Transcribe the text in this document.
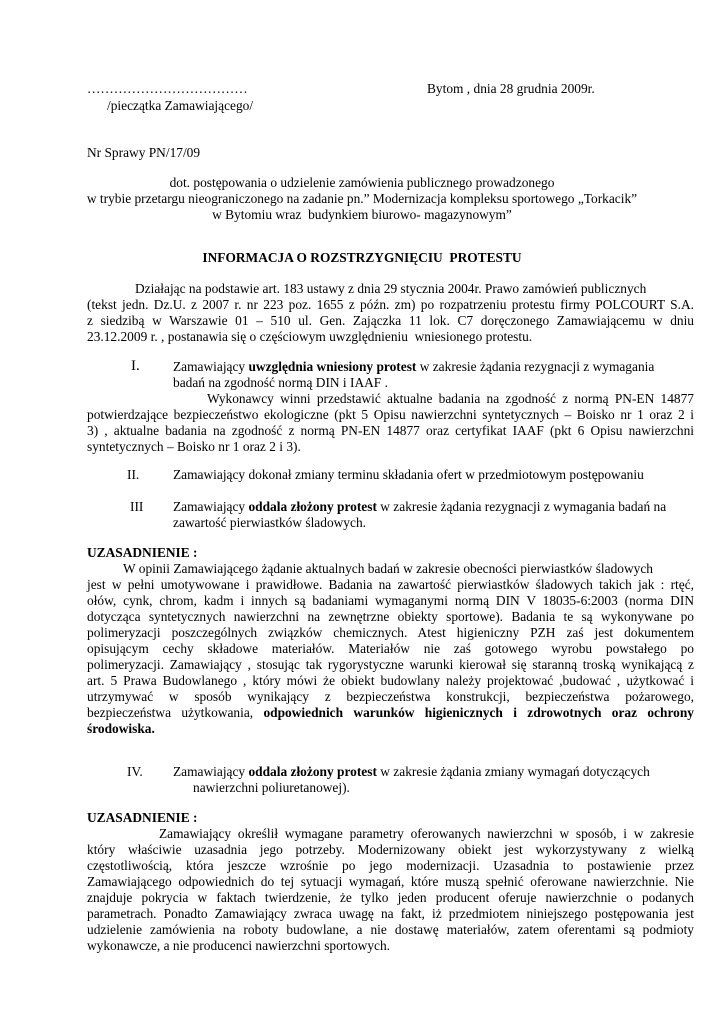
………………………………	Bytom , dnia 28 grudnia 2009r.
/pieczątka Zamawiającego/
Nr Sprawy PN/17/09
dot. postępowania o udzielenie zamówienia publicznego prowadzonego
w trybie przetargu nieograniczonego na zadanie pn.” Modernizacja kompleksu sportowego „Torkacik”
w Bytomiu wraz  budynkiem biurowo- magazynowym”
INFORMACJA O ROZSTRZYGNIĘCIU  PROTESTU
Działając na podstawie art. 183 ustawy z dnia 29 stycznia 2004r. Prawo zamówień publicznych
(tekst jedn. Dz.U. z 2007 r. nr 223 poz. 1655 z późn. zm) po rozpatrzeniu protestu firmy POLCOURT S.A.
z siedzibą w Warszawie 01 – 510 ul. Gen. Zajączka 11 lok. C7 doręczonego Zamawiającemu w dniu
23.12.2009 r. , postanawia się o częściowym uwzględnieniu  wniesionego protestu.
I. Zamawiający uwzględnia wniesiony protest w zakresie żądania rezygnacji z wymagania
badań na zgodność normą DIN i IAAF .
Wykonawcy winni przedstawić aktualne badania na zgodność z normą PN-EN 14877
potwierdzające bezpieczeństwo ekologiczne (pkt 5 Opisu nawierzchni syntetycznych – Boisko nr 1 oraz 2 i
3) , aktualne badania na zgodność z normą PN-EN 14877 oraz certyfikat IAAF (pkt 6 Opisu nawierzchni
syntetycznych – Boisko nr 1 oraz 2 i 3).
II.	Zamawiający dokonał zmiany terminu składania ofert w przedmiotowym postępowaniu
III Zamawiający oddala złożony protest w zakresie żądania rezygnacji z wymagania badań na
zawartość pierwiastków śladowych.
UZASADNIENIE :
W opinii Zamawiającego żądanie aktualnych badań w zakresie obecności pierwiastków śladowych
jest w pełni umotywowane i prawidłowe. Badania na zawartość pierwiastków śladowych takich jak : rtęć,
ołów, cynk, chrom, kadm i innych są badaniami wymaganymi normą DIN V 18035-6:2003 (norma DIN
dotycząca syntetycznych nawierzchni na zewnętrzne obiekty sportowe). Badania te są wykonywane po
polimeryzacji poszczególnych związków chemicznych. Atest higieniczny PZH zaś jest dokumentem
opisującym cechy składowe materiałów. Materiałów nie zaś gotowego wyrobu powstałego po
polimeryzacji. Zamawiający , stosując tak rygorystyczne warunki kierował się staranną troską wynikającą z
art. 5 Prawa Budowlanego , który mówi że obiekt budowlany należy projektować ,budować , użytkować i
utrzymywać w sposób wynikający z bezpieczeństwa konstrukcji, bezpieczeństwa pożarowego,
bezpieczeństwa użytkowania, odpowiednich warunków higienicznych i zdrowotnych oraz ochrony
środowiska.
IV. Zamawiający oddala złożony protest w zakresie żądania zmiany wymagań dotyczących
nawierzchni poliuretanowej).
UZASADNIENIE :
Zamawiający określił wymagane parametry oferowanych nawierzchni w sposób, i w zakresie
który właściwie uzasadnia jego potrzeby. Modernizowany obiekt jest wykorzystywany z wielką
częstotliwością, która jeszcze wzrośnie po jego modernizacji. Uzasadnia to postawienie przez
Zamawiającego odpowiednich do tej sytuacji wymagań, które muszą spełnić oferowane nawierzchnie. Nie
znajduje pokrycia w faktach twierdzenie, że tylko jeden producent oferuje nawierzchnie o podanych
parametrach. Ponadto Zamawiający zwraca uwagę na fakt, iż przedmiotem niniejszego postępowania jest
udzielenie zamówienia na roboty budowlane, a nie dostawę materiałów, zatem oferentami są podmioty
wykonawcze, a nie producenci nawierzchni sportowych.
